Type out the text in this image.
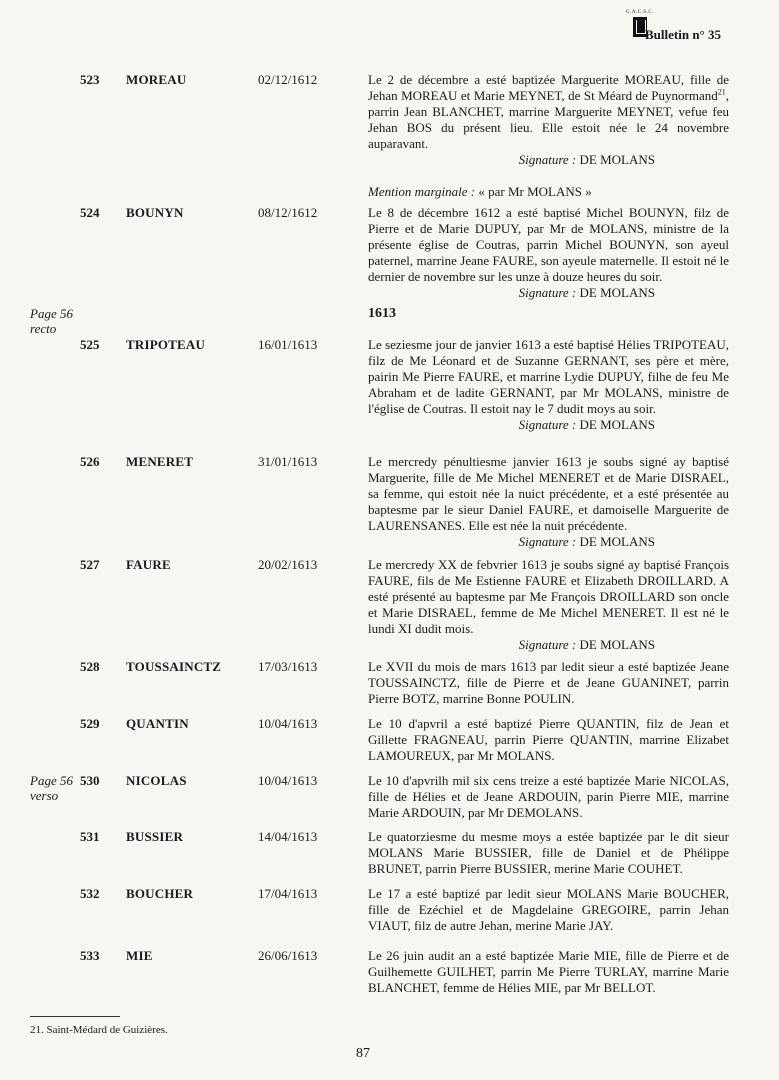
G.A.C.S.C.
Bulletin n° 35
523 MOREAU	02/12/1612	Le 2 de décembre a esté baptizée Marguerite MOREAU, fille de Jehan MOREAU et Marie MEYNET, de St Méard de Puynormand$^{21}$, parrin Jean BLANCHET, marrine Marguerite MEYNET, vefue feu Jehan BOS du présent lieu. Elle estoit née le 24 novembre auparavant.
Signature : DE MOLANS
Mention marginale : « par Mr MOLANS »
524 BOUNYN	08/12/1612	Le 8 de décembre 1612 a esté baptisé Michel BOUNYN, filz de Pierre et de Marie DUPUY, par Mr de MOLANS, ministre de la présente église de Coutras, parrin Michel BOUNYN, son ayeul paternel, marrine Jeane FAURE, son ayeule maternelle. Il estoit né le dernier de novembre sur les unze à douze heures du soir.
Signature : DE MOLANS
Page 56
recto
1613
525 TRIPOTEAU	16/01/1613	Le seziesme jour de janvier 1613 a esté baptisé Hélies TRIPOTEAU, filz de Me Léonard et de Suzanne GERNANT, ses père et mère, pairin Me Pierre FAURE, et marrine Lydie DUPUY, filhe de feu Me Abraham et de ladite GERNANT, par Mr MOLANS, ministre de l'église de Coutras. Il estoit nay le 7 dudit moys au soir.
Signature : DE MOLANS
526 MENERET	31/01/1613	Le mercredy pénultiesme janvier 1613 je soubs signé ay baptisé Marguerite, fille de Me Michel MENERET et de Marie DISRAEL, sa femme, qui estoit née la nuict précédente, et a esté présentée au baptesme par le sieur Daniel FAURE, et damoiselle Marguerite de LAURENSANES. Elle est née la nuit précédente.
Signature : DE MOLANS
527 FAURE	20/02/1613	Le mercredy XX de febvrier 1613 je soubs signé ay baptisé François FAURE, fils de Me Estienne FAURE et Elizabeth DROILLARD. A esté présenté au baptesme par Me François DROILLARD son oncle et Marie DISRAEL, femme de Me Michel MENERET. Il est né le lundi XI dudit mois.
Signature : DE MOLANS
528 TOUSSAINCTZ	17/03/1613	Le XVII du mois de mars 1613 par ledit sieur a esté baptizée Jeane TOUSSAINCTZ, fille de Pierre et de Jeane GUANINET, parrin Pierre BOTZ, marrine Bonne POULIN.
529 QUANTIN	10/04/1613	Le 10 d'apvril a esté baptizé Pierre QUANTIN, filz de Jean et Gillette FRAGNEAU, parrin Pierre QUANTIN, marrine Elizabet LAMOUREUX, par Mr MOLANS.
Page 56
verso
530 NICOLAS	10/04/1613	Le 10 d'apvrilh mil six cens treize a esté baptizée Marie NICOLAS, fille de Hélies et de Jeane ARDOUIN, parin Pierre MIE, marrine Marie ARDOUIN, par Mr DEMOLANS.
531 BUSSIER	14/04/1613	Le quatorziesme du mesme moys a estée baptizée par le dit sieur MOLANS Marie BUSSIER, fille de Daniel et de Phélippe BRUNET, parrin Pierre BUSSIER, merine Marie COUHET.
532 BOUCHER	17/04/1613	Le 17 a esté baptizé par ledit sieur MOLANS Marie BOUCHER, fille de Ezéchiel et de Magdelaine GREGOIRE, parrin Jehan VIAUT, filz de autre Jehan, merine Marie JAY.
533 MIE	26/06/1613	Le 26 juin audit an a esté baptizée Marie MIE, fille de Pierre et de Guilhemette GUILHET, parrin Me Pierre TURLAY, marrine Marie BLANCHET, femme de Hélies MIE, par Mr BELLOT.
21. Saint-Médard de Guizières.
87
